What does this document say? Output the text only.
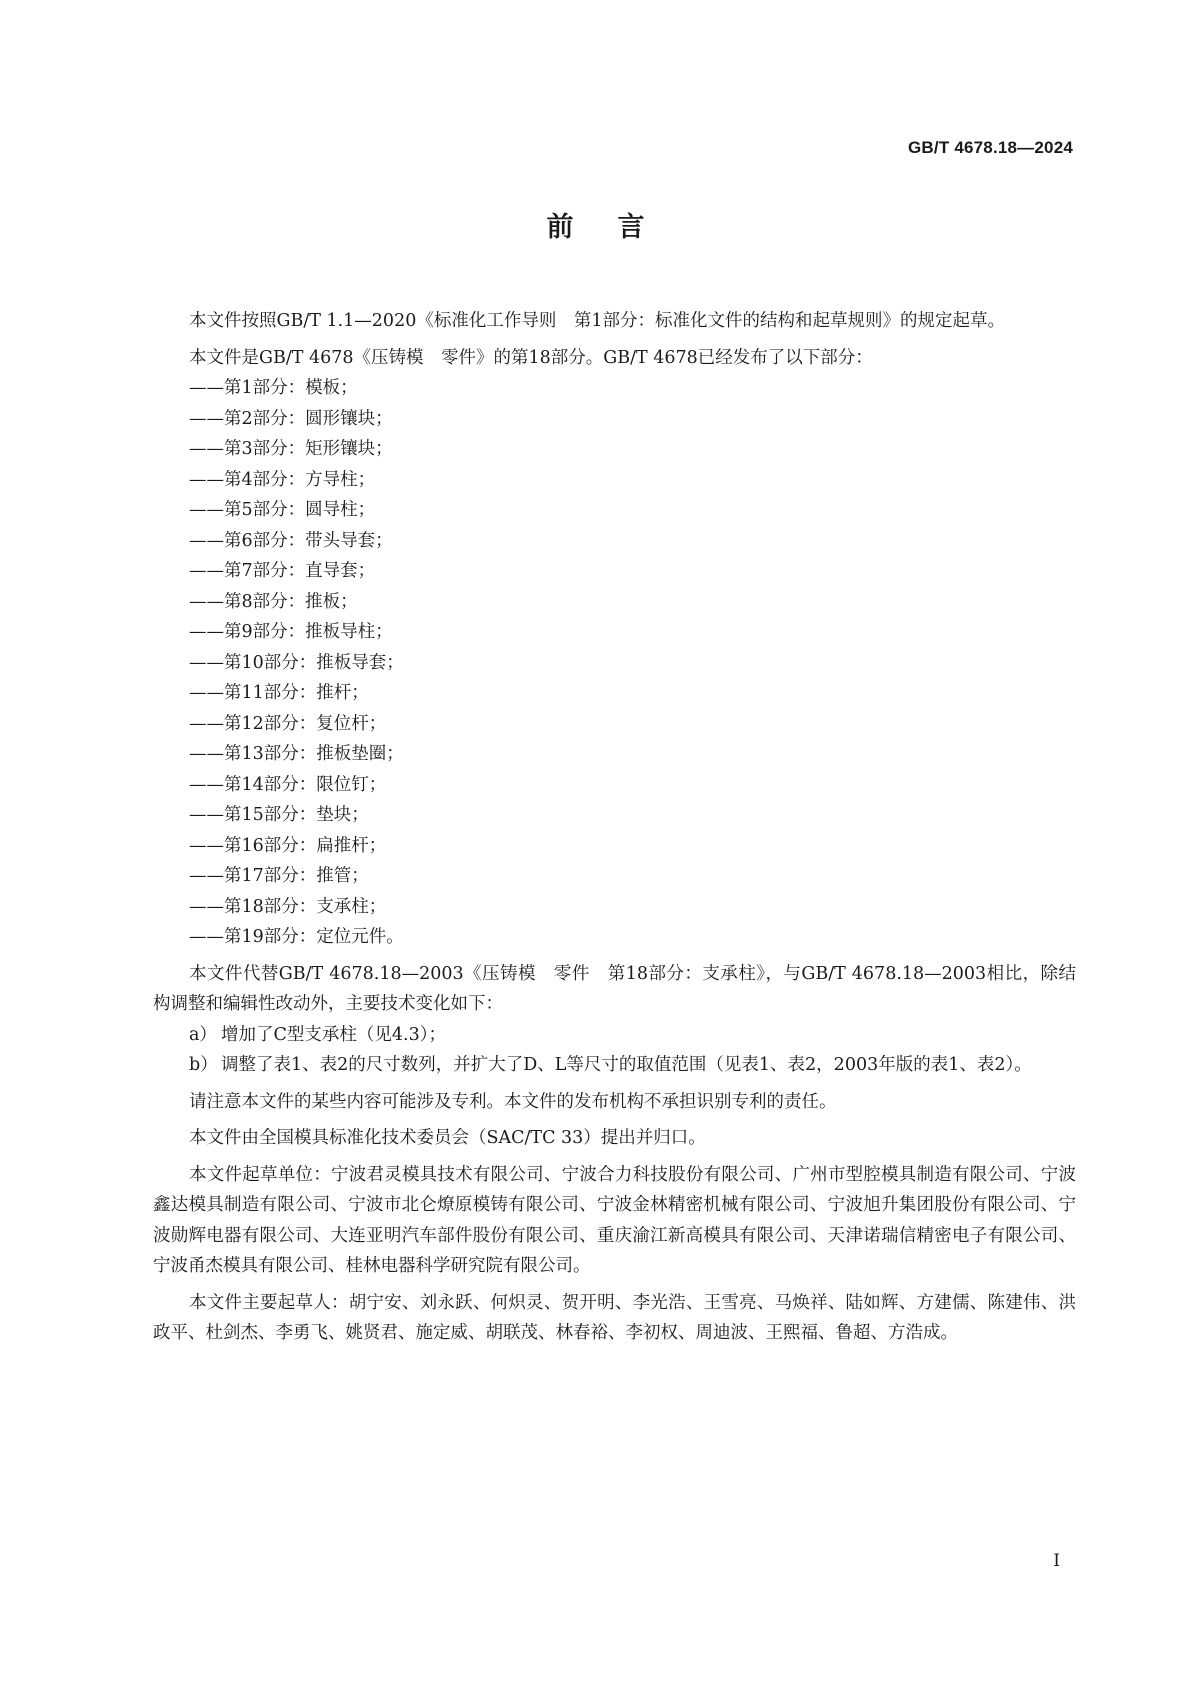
GB/T 4678.18—2024
前言

本文件按照GB/T 1.1—2020《标准化工作导则　第1部分：标准化文件的结构和起草规则》的规定起草。

本文件是GB/T 4678《压铸模　零件》的第18部分。GB/T 4678已经发布了以下部分：

——第1部分：模板；
——第2部分：圆形镶块；
——第3部分：矩形镶块；
——第4部分：方导柱；
——第5部分：圆导柱；
——第6部分：带头导套；
——第7部分：直导套；
——第8部分：推板；
——第9部分：推板导柱；
——第10部分：推板导套；
——第11部分：推杆；
——第12部分：复位杆；
——第13部分：推板垫圈；
——第14部分：限位钉；
——第15部分：垫块；
——第16部分：扁推杆；
——第17部分：推管；
——第18部分：支承柱；
——第19部分：定位元件。

本文件代替GB/T 4678.18—2003《压铸模　零件　第18部分：支承柱》，与GB/T 4678.18—2003相比，除结构调整和编辑性改动外，主要技术变化如下：

a） 增加了C型支承柱（见4.3）；
b） 调整了表1、表2的尺寸数列，并扩大了D、L等尺寸的取值范围（见表1、表2，2003年版的表1、表2）。

请注意本文件的某些内容可能涉及专利。本文件的发布机构不承担识别专利的责任。

本文件由全国模具标准化技术委员会（SAC/TC 33）提出并归口。

本文件起草单位：宁波君灵模具技术有限公司、宁波合力科技股份有限公司、广州市型腔模具制造有限公司、宁波鑫达模具制造有限公司、宁波市北仑燎原模铸有限公司、宁波金林精密机械有限公司、宁波旭升集团股份有限公司、宁波勋辉电器有限公司、大连亚明汽车部件股份有限公司、重庆渝江新高模具有限公司、天津诺瑞信精密电子有限公司、宁波甬杰模具有限公司、桂林电器科学研究院有限公司。

本文件主要起草人：胡宁安、刘永跃、何炽灵、贺开明、李光浩、王雪亮、马焕祥、陆如辉、方建儒、陈建伟、洪政平、杜剑杰、李勇飞、姚贤君、施定威、胡联茂、林春裕、李初权、周迪波、王熙福、鲁超、方浩成。

I
